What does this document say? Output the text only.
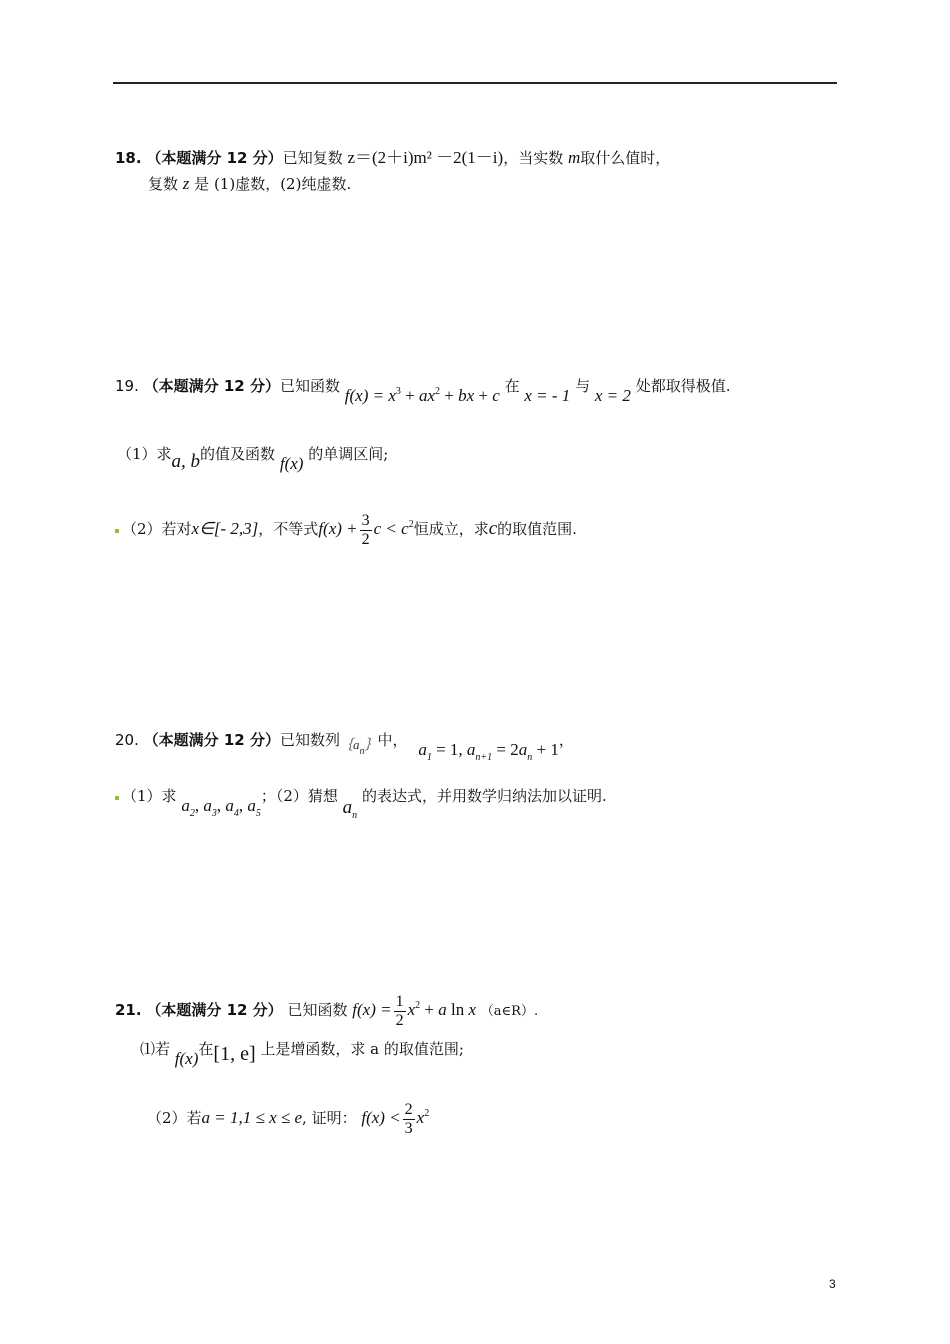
18. （本题满分 12 分）已知复数 z＝(2＋i)m² －2(1－i)，当实数 m取什么值时，
复数 z 是 (1)虚数，(2)纯虚数.
19. （本题满分 12 分）已知函数 $f(x) = x^3 + ax^2$ + bx + c 在 x = - 1 与 x = 2 处都取得极值.
（1）求a, b的值及函数 f(x) 的单调区间;
（2）若对x∈[- 2,3]，不等式$f(x) + \frac{3}{2}$ $c < c^2$恒成立，求c的取值范围.
20. （本题满分 12 分）已知数列$\{a_n\}$中， $a_1 = 1$, $a_{n+1} = 2a_n + 1$，
（1）求 $a_2$, $a_3$, $a_4$, $a_5$；（2）猜想 $a_n$ 的表达式，并用数学归纳法加以证明.
21. （本题满分 12 分） 已知函数 $f(x) = \frac{1}{2} x^2 + a$ ln x （a∈R）.
⑴若 f(x)在[1, e] 上是增函数，求 a 的取值范围;
（2）若a = 1,1 ≤ x ≤ e, 证明： $f(x) < \frac{2}{3} x^2$
3
